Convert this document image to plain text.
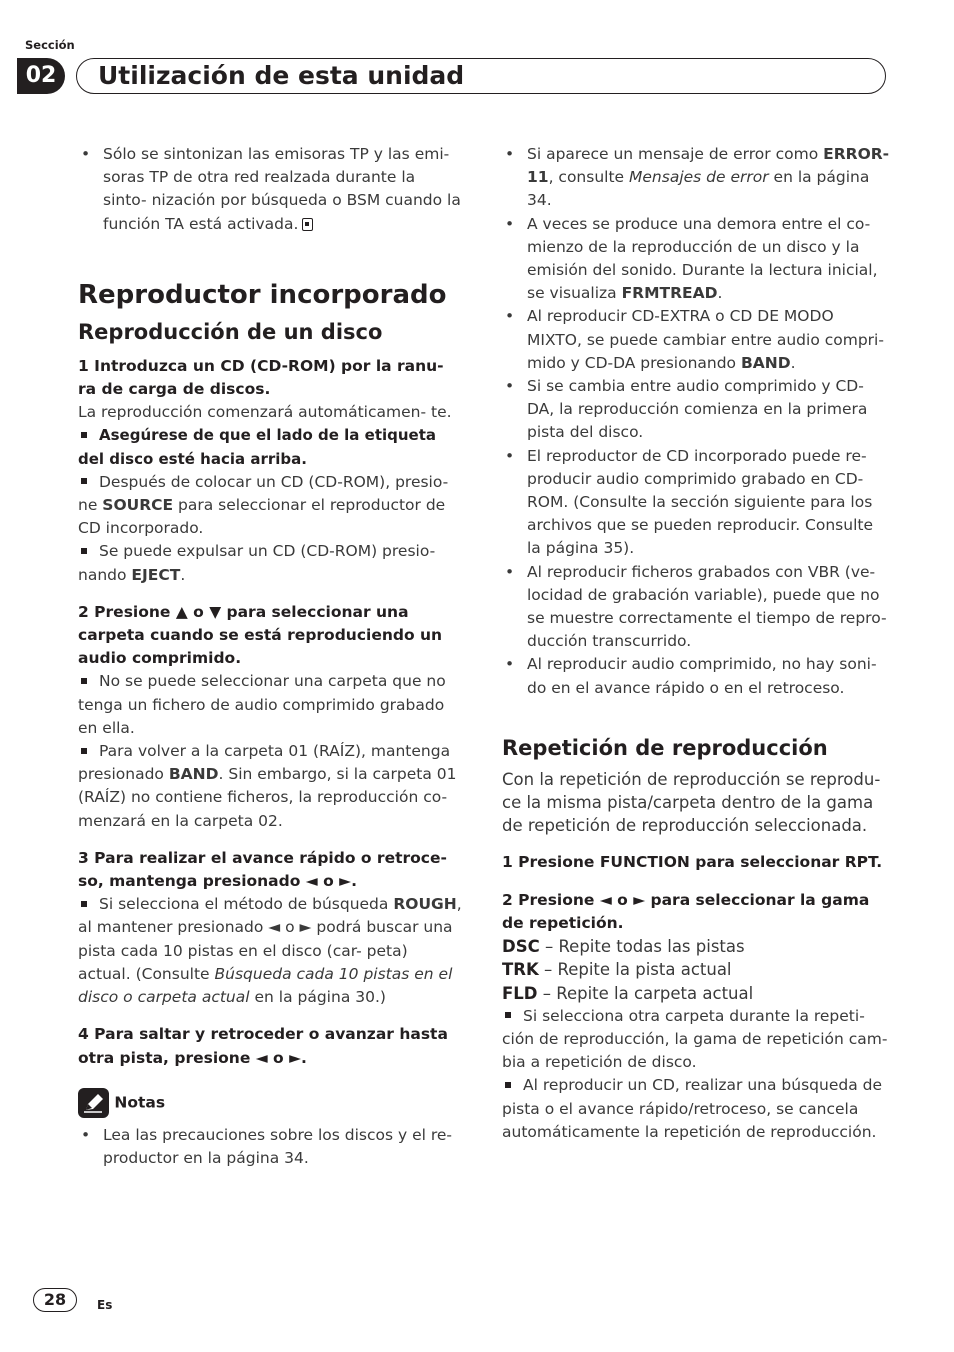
Sección
02	Utilización de esta unidad

• Sólo se sintonizan las emisoras TP y las emi- soras TP de otra red realzada durante la sinto- nización por búsqueda o BSM cuando la función TA está activada.

Reproductor incorporado
Reproducción de un disco

1 Introduzca un CD (CD-ROM) por la ranu- ra de carga de discos.

La reproducción comenzará automáticamen- te.

Asegúrese de que el lado de la etiqueta del disco esté hacia arriba.

Después de colocar un CD (CD-ROM), presio- ne SOURCE para seleccionar el reproductor de CD incorporado.

Se puede expulsar un CD (CD-ROM) presio- nando EJECT.

2 Presione ▲ o ▼ para seleccionar una carpeta cuando se está reproduciendo un audio comprimido.

No se puede seleccionar una carpeta que no tenga un fichero de audio comprimido grabado en ella.

Para volver a la carpeta 01 (RAÍZ), mantenga presionado BAND. Sin embargo, si la carpeta 01 (RAÍZ) no contiene ficheros, la reproducción co- menzará en la carpeta 02.

3 Para realizar el avance rápido o retroce- so, mantenga presionado ◄ o ►.

Si selecciona el método de búsqueda ROUGH, al mantener presionado ◄ o ► podrá buscar una pista cada 10 pistas en el disco (car- peta) actual. (Consulte Búsqueda cada 10 pistas en el disco o carpeta actual en la página 30.)

4 Para saltar y retroceder o avanzar hasta otra pista, presione ◄ o ►.

Notas

• Lea las precauciones sobre los discos y el re- productor en la página 34.

• Si aparece un mensaje de error como ERROR-11, consulte Mensajes de error en la página 34.

• A veces se produce una demora entre el co- mienzo de la reproducción de un disco y la emisión del sonido. Durante la lectura inicial, se visualiza FRMTREAD.

• Al reproducir CD-EXTRA o CD DE MODO MIXTO, se puede cambiar entre audio compri- mido y CD-DA presionando BAND.

• Si se cambia entre audio comprimido y CD- DA, la reproducción comienza en la primera pista del disco.

• El reproductor de CD incorporado puede re- producir audio comprimido grabado en CD- ROM. (Consulte la sección siguiente para los archivos que se pueden reproducir. Consulte la página 35).

• Al reproducir ficheros grabados con VBR (ve- locidad de grabación variable), puede que no se muestre correctamente el tiempo de repro- ducción transcurrido.

• Al reproducir audio comprimido, no hay soni- do en el avance rápido o en el retroceso.

Repetición de reproducción

Con la repetición de reproducción se reprodu- ce la misma pista/carpeta dentro de la gama de repetición de reproducción seleccionada.

1 Presione FUNCTION para seleccionar RPT.

2 Presione ◄ o ► para seleccionar la gama de repetición.

DSC – Repite todas las pistas

TRK – Repite la pista actual

FLD – Repite la carpeta actual

Si selecciona otra carpeta durante la repeti- ción de reproducción, la gama de repetición cam- bia a repetición de disco.

Al reproducir un CD, realizar una búsqueda de pista o el avance rápido/retroceso, se cancela automáticamente la repetición de reproducción.

28	Es
